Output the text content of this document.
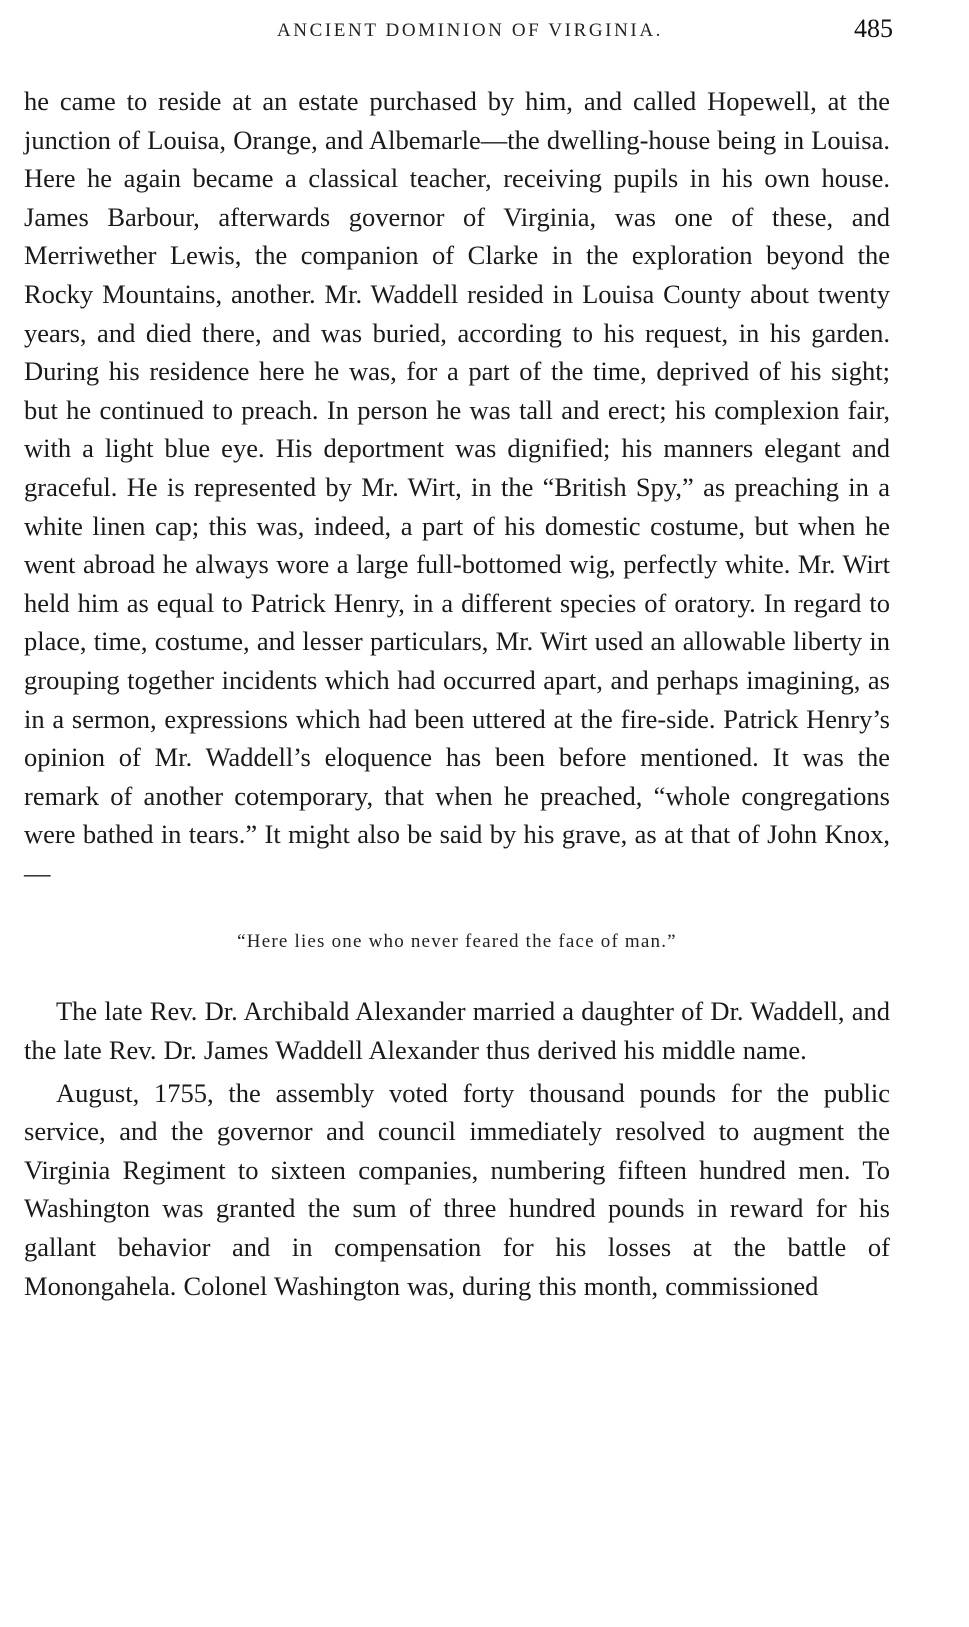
ANCIENT DOMINION OF VIRGINIA.	485

he came to reside at an estate purchased by him, and called Hopewell, at the junction of Louisa, Orange, and Albemarle—the dwelling-house being in Louisa. Here he again became a classical teacher, receiving pupils in his own house. James Barbour, afterwards governor of Virginia, was one of these, and Merriwether Lewis, the companion of Clarke in the exploration beyond the Rocky Mountains, another. Mr. Waddell resided in Louisa County about twenty years, and died there, and was buried, according to his request, in his garden. During his residence here he was, for a part of the time, deprived of his sight; but he continued to preach. In person he was tall and erect; his complexion fair, with a light blue eye. His deportment was dignified; his manners elegant and graceful. He is represented by Mr. Wirt, in the “British Spy,” as preaching in a white linen cap; this was, indeed, a part of his domestic costume, but when he went abroad he always wore a large full-bottomed wig, perfectly white. Mr. Wirt held him as equal to Patrick Henry, in a different species of oratory. In regard to place, time, costume, and lesser particulars, Mr. Wirt used an allowable liberty in grouping together incidents which had occurred apart, and perhaps imagining, as in a sermon, expressions which had been uttered at the fire-side. Patrick Henry’s opinion of Mr. Waddell’s eloquence has been before mentioned. It was the remark of another cotemporary, that when he preached, “whole congregations were bathed in tears.” It might also be said by his grave, as at that of John Knox,—

“Here lies one who never feared the face of man.”

The late Rev. Dr. Archibald Alexander married a daughter of Dr. Waddell, and the late Rev. Dr. James Waddell Alexander thus derived his middle name.

August, 1755, the assembly voted forty thousand pounds for the public service, and the governor and council immediately resolved to augment the Virginia Regiment to sixteen companies, numbering fifteen hundred men. To Washington was granted the sum of three hundred pounds in reward for his gallant behavior and in compensation for his losses at the battle of Monongahela. Colonel Washington was, during this month, commissioned
